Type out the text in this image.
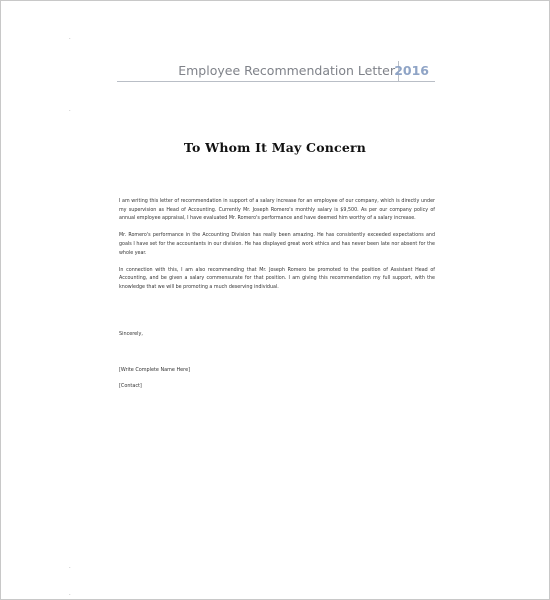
.
.
.
.
Employee Recommendation Letter 2016
To Whom It May Concern

I am writing this letter of recommendation in support of a salary increase for an employee of our company, which is directly under my supervision as Head of Accounting. Currently Mr. Joseph Romero's monthly salary is $9,500. As per our company policy of annual employee appraisal, I have evaluated Mr. Romero's performance and have deemed him worthy of a salary increase.

Mr. Romero's performance in the Accounting Division has really been amazing. He has consistently exceeded expectations and goals I have set for the accountants in our division. He has displayed great work ethics and has never been late nor absent for the whole year.

In connection with this, I am also recommending that Mr. Joseph Romero be promoted to the position of Assistant Head of Accounting, and be given a salary commensurate for that position. I am giving this recommendation my full support, with the knowledge that we will be promoting a much deserving individual.

Sincerely,
[Write Complete Name Here]
[Contact]
